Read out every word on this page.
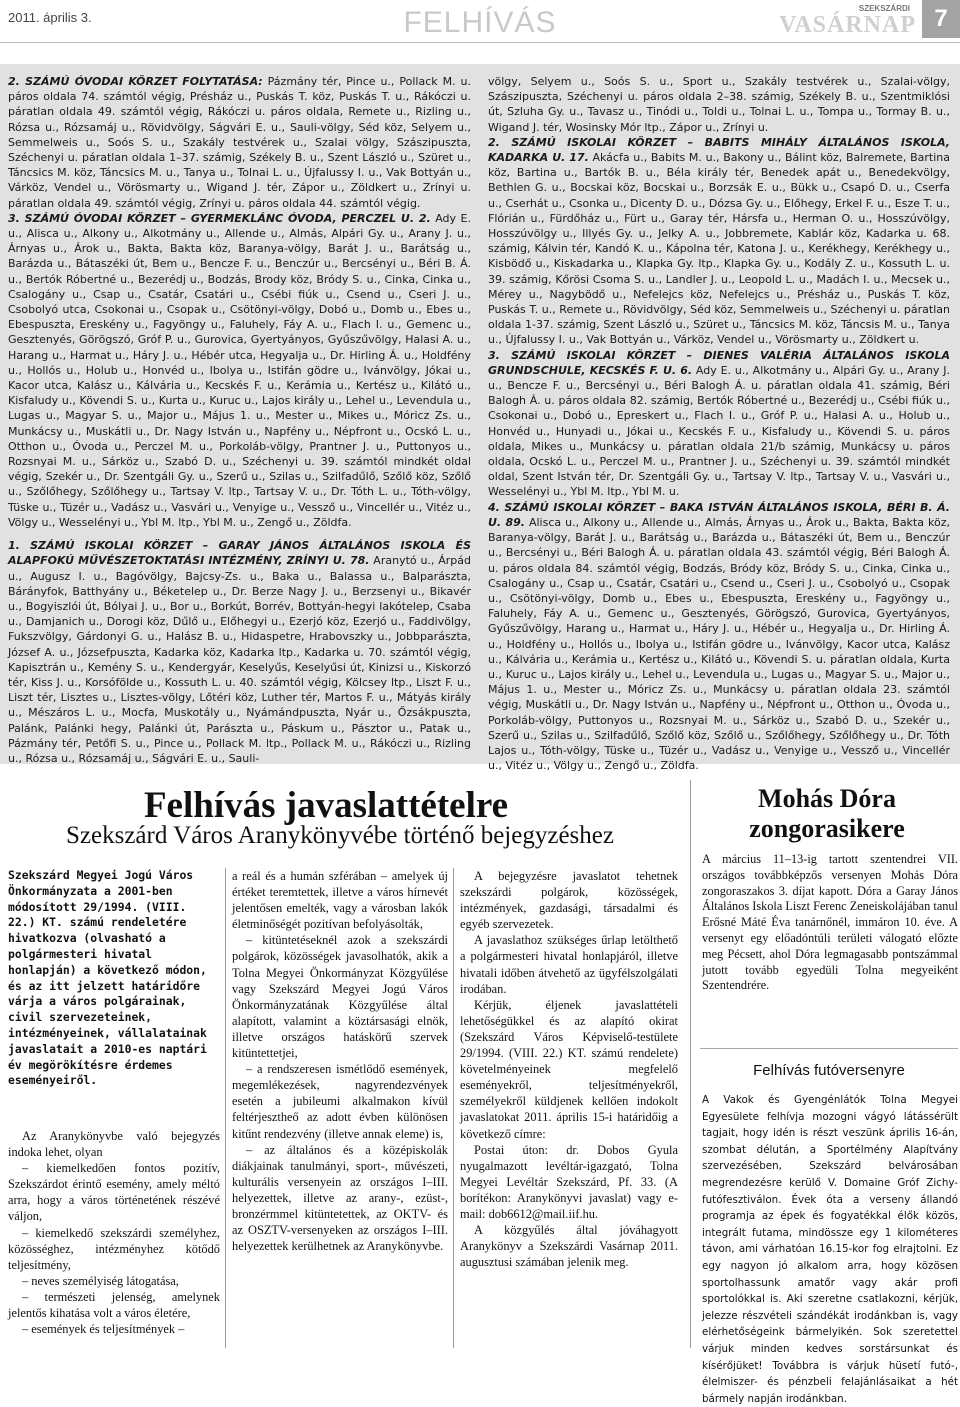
2011. április 3.	FELHÍVÁS	SZEKSZÁRDI
VASÁRNAP 7

2. SZÁMÚ ÓVODAI KÖRZET FOLYTATÁSA: Pázmány tér, Pince u., Pollack M. u. páros oldala 74. számtól végig, Présház u., Puskás T. köz, Puskás T. u., Rákóczi u. páratlan oldala 49. számtól végig, Rákóczi u. páros oldala, Remete u., Rizling u., Rózsa u., Rózsamáj u., Rövidvölgy, Ságvári E. u., Sauli-völgy, Séd köz, Selyem u., Semmelweis u., Soós S. u., Szakály testvérek u., Szalai völgy, Szászipuszta, Széchenyi u. páratlan oldala 1–37. számig, Székely B. u., Szent László u., Szüret u., Táncsics M. köz, Táncsics M. u., Tanya u., Tolnai L. u., Újfalussy I. u., Vak Bottyán u., Várköz, Vendel u., Vörösmarty u., Wigand J. tér, Zápor u., Zöldkert u., Zrínyi u. páratlan oldala 49. számtól végig, Zrínyi u. páros oldala 44. számtól végig.

3. SZÁMÚ ÓVODAI KÖRZET – GYERMEKLÁNC ÓVODA, PERCZEL U. 2. Ady E. u., Alisca u., Alkony u., Alkotmány u., Allende u., Almás, Alpári Gy. u., Arany J. u., Árnyas u., Árok u., Bakta, Bakta köz, Baranya-völgy, Barát J. u., Barátság u., Barázda u., Bátaszéki út, Bem u., Bencze F. u., Benczúr u., Bercsényi u., Béri B. Á. u., Bertók Róbertné u., Bezerédj u., Bodzás, Brody köz, Bródy S. u., Cinka, Cinka u., Csalogány u., Csap u., Csatár, Csatári u., Csébi fiúk u., Csend u., Cseri J. u., Csobolyó utca, Csokonai u., Csopak u., Csötönyi-völgy, Dobó u., Domb u., Ebes u., Ebespuszta, Ereskény u., Fagyöngy u., Faluhely, Fáy A. u., Flach I. u., Gemenc u., Gesztenyés, Görögszó, Gróf P. u., Gurovica, Gyertyányos, Gyűszűvölgy, Halasi A. u., Harang u., Harmat u., Háry J. u., Hébér utca, Hegyalja u., Dr. Hirling Á. u., Holdfény u., Hollós u., Holub u., Honvéd u., Ibolya u., Istifán gödre u., Ivánvölgy, Jókai u., Kacor utca, Kalász u., Kálvária u., Kecskés F. u., Kerámia u., Kertész u., Kilátó u., Kisfaludy u., Kövendi S. u., Kurta u., Kuruc u., Lajos király u., Lehel u., Levendula u., Lugas u., Magyar S. u., Major u., Május 1. u., Mester u., Mikes u., Móricz Zs. u., Munkácsy u., Muskátli u., Dr. Nagy István u., Napfény u., Népfront u., Ocskó L. u., Otthon u., Óvoda u., Perczel M. u., Porkoláb-völgy, Prantner J. u., Puttonyos u., Rozsnyai M. u., Sárköz u., Szabó D. u., Széchenyi u. 39. számtól mindkét oldal végig, Szekér u., Dr. Szentgáli Gy. u., Szerű u., Szilas u., Szilfadűlő, Szőlő köz, Szőlő u., Szőlőhegy, Szőlőhegy u., Tartsay V. ltp., Tartsay V. u., Dr. Tóth L. u., Tóth-völgy, Tüske u., Tüzér u., Vadász u., Vasvári u., Venyige u., Vessző u., Vincellér u., Vitéz u., Völgy u., Wesselényi u., Ybl M. ltp., Ybl M. u., Zengő u., Zöldfa.

1. SZÁMÚ ISKOLAI KÖRZET – GARAY JÁNOS ÁLTALÁNOS ISKOLA ÉS ALAPFOKÚ MŰVÉSZETOKTATÁSI INTÉZMÉNY, ZRÍNYI U. 78. Aranytó u., Árpád u., Augusz I. u., Bagóvölgy, Bajcsy-Zs. u., Baka u., Balassa u., Balparászta, Bárányfok, Batthyány u., Béketelep u., Dr. Berze Nagy J. u., Berzsenyi u., Bikavér u., Bogyiszlói út, Bólyai J. u., Bor u., Borkút, Borrév, Bottyán-hegyi lakótelep, Csaba u., Damjanich u., Dorogi köz, Dűlő u., Előhegyi u., Ezerjó köz, Ezerjó u., Faddivölgy, Fukszvölgy, Gárdonyi G. u., Halász B. u., Hidaspetre, Hrabovszky u., Jobbparászta, József A. u., Józsefpuszta, Kadarka köz, Kadarka ltp., Kadarka u. 70. számtól végig, Kapisztrán u., Kemény S. u., Kendergyár, Keselyűs, Keselyűsi út, Kinizsi u., Kiskorzó tér, Kiss J. u., Korsófölde u., Kossuth L. u. 40. számtól végig, Kölcsey ltp., Liszt F. u., Liszt tér, Lisztes u., Lisztes-völgy, Lőtéri köz, Luther tér, Martos F. u., Mátyás király u., Mészáros L. u., Mocfa, Muskotály u., Nyámándpuszta, Nyár u., Őzsákpuszta, Palánk, Palánki hegy, Palánki út, Parászta u., Páskum u., Pásztor u., Patak u., Pázmány tér, Petőfi S. u., Pince u., Pollack M. ltp., Pollack M. u., Rákóczi u., Rizling u., Rózsa u., Rózsamáj u., Ságvári E. u., Sauli-

völgy, Selyem u., Soós S. u., Sport u., Szakály testvérek u., Szalai-völgy, Szászipuszta, Széchenyi u. páros oldala 2–38. számig, Székely B. u., Szentmiklósi út, Szluha Gy. u., Tavasz u., Tinódi u., Toldi u., Tolnai L. u., Tompa u., Tormay B. u., Wigand J. tér, Wosinsky Mór ltp., Zápor u., Zrínyi u.

2. SZÁMÚ ISKOLAI KÖRZET – BABITS MIHÁLY ÁLTALÁNOS ISKOLA, KADARKA U. 17. Akácfa u., Babits M. u., Bakony u., Bálint köz, Balremete, Bartina köz, Bartina u., Bartók B. u., Béla király tér, Benedek apát u., Benedekvölgy, Bethlen G. u., Bocskai köz, Bocskai u., Borzsák E. u., Bükk u., Csapó D. u., Cserfa u., Cserhát u., Csonka u., Dicenty D. u., Dózsa Gy. u., Előhegy, Erkel F. u., Esze T. u., Flórián u., Fürdőház u., Fürt u., Garay tér, Hársfa u., Herman O. u., Hosszúvölgy, Hosszúvölgy u., Illyés Gy. u., Jelky A. u., Jobbremete, Kablár köz, Kadarka u. 68. számig, Kálvin tér, Kandó K. u., Kápolna tér, Katona J. u., Kerékhegy, Kerékhegy u., Kisbödő u., Kiskadarka u., Klapka Gy. ltp., Klapka Gy. u., Kodály Z. u., Kossuth L. u. 39. számig, Kőrösi Csoma S. u., Landler J. u., Leopold L. u., Madách I. u., Mecsek u., Mérey u., Nagybödő u., Nefelejcs köz, Nefelejcs u., Présház u., Puskás T. köz, Puskás T. u., Remete u., Rövidvölgy, Séd köz, Semmelweis u., Széchenyi u. páratlan oldala 1-37. számig, Szent László u., Szüret u., Táncsics M. köz, Táncsis M. u., Tanya u., Újfalussy I. u., Vak Bottyán u., Várköz, Vendel u., Vörösmarty u., Zöldkert u.

3. SZÁMÚ ISKOLAI KÖRZET – DIENES VALÉRIA ÁLTALÁNOS ISKOLA GRUNDSCHULE, KECSKÉS F. U. 6. Ady E. u., Alkotmány u., Alpári Gy. u., Arany J. u., Bencze F. u., Bercsényi u., Béri Balogh Á. u. páratlan oldala 41. számig, Béri Balogh Á. u. páros oldala 82. számig, Bertók Róbertné u., Bezerédj u., Csébi fiúk u., Csokonai u., Dobó u., Epreskert u., Flach I. u., Gróf P. u., Halasi A. u., Holub u., Honvéd u., Hunyadi u., Jókai u., Kecskés F. u., Kisfaludy u., Kövendi S. u. páros oldala, Mikes u., Munkácsy u. páratlan oldala 21/b számig, Munkácsy u. páros oldala, Ocskó L. u., Perczel M. u., Prantner J. u., Széchenyi u. 39. számtól mindkét oldal, Szent István tér, Dr. Szentgáli Gy. u., Tartsay V. ltp., Tartsay V. u., Vasvári u., Wesselényi u., Ybl M. ltp., Ybl M. u.

4. SZÁMÚ ISKOLAI KÖRZET – BAKA ISTVÁN ÁLTALÁNOS ISKOLA, BÉRI B. Á. U. 89. Alisca u., Alkony u., Allende u., Almás, Árnyas u., Árok u., Bakta, Bakta köz, Baranya-völgy, Barát J. u., Barátság u., Barázda u., Bátaszéki út, Bem u., Benczúr u., Bercsényi u., Béri Balogh Á. u. páratlan oldala 43. számtól végig, Béri Balogh Á. u. páros oldala 84. számtól végig, Bodzás, Bródy köz, Bródy S. u., Cinka, Cinka u., Csalogány u., Csap u., Csatár, Csatári u., Csend u., Cseri J. u., Csobolyó u., Csopak u., Csötönyi-völgy, Domb u., Ebes u., Ebespuszta, Ereskény u., Fagyöngy u., Faluhely, Fáy A. u., Gemenc u., Gesztenyés, Görögszó, Gurovica, Gyertyányos, Gyűszűvölgy, Harang u., Harmat u., Háry J. u., Hébér u., Hegyalja u., Dr. Hirling Á. u., Holdfény u., Hollós u., Ibolya u., Istifán gödre u., Ivánvölgy, Kacor utca, Kalász u., Kálvária u., Kerámia u., Kertész u., Kilátó u., Kövendi S. u. páratlan oldala, Kurta u., Kuruc u., Lajos király u., Lehel u., Levendula u., Lugas u., Magyar S. u., Major u., Május 1. u., Mester u., Móricz Zs. u., Munkácsy u. páratlan oldala 23. számtól végig, Muskátli u., Dr. Nagy István u., Napfény u., Népfront u., Otthon u., Óvoda u., Porkoláb-völgy, Puttonyos u., Rozsnyai M. u., Sárköz u., Szabó D. u., Szekér u., Szerű u., Szilas u., Szilfadűlő, Szőlő köz, Szőlő u., Szőlőhegy, Szőlőhegy u., Dr. Tóth Lajos u., Tóth-völgy, Tüske u., Tüzér u., Vadász u., Venyige u., Vessző u., Vincellér u., Vitéz u., Völgy u., Zengő u., Zöldfa.

Felhívás javaslattételre
Szekszárd Város Aranykönyvébe történő bejegyzéshez
Szekszárd Megyei Jogú Város Önkormányzata a 2001-ben módosított 29/1994. (VIII. 22.) KT. számú rendeletére hivatkozva (olvasható a polgármesteri hivatal honlapján) a következő módon, és az itt jelzett határidőre várja a város polgárainak, civil szervezeteinek, intézményeinek, vállalatainak javaslatait a 2010-es naptári év megörökítésre érdemes eseményeiről.

Az Aranykönyvbe való bejegyzés indoka lehet, olyan

– kiemelkedően fontos pozitív, Szekszárdot érintő esemény, amely méltó arra, hogy a város történetének részévé váljon,

– kiemelkedő szekszárdi személyhez, közösséghez, intézményhez kötődő teljesítmény,

– neves személyiség látogatása,

– természeti jelenség, amelynek jelentős kihatása volt a város életére,

– események és teljesítmények –

a reál és a humán szférában – amelyek új értéket teremtettek, illetve a város hírnevét jelentősen emelték, vagy a városban lakók életminőségét pozitívan befolyásolták,

– kitüntetéseknél azok a szekszárdi polgárok, közösségek javasolhatók, akik a Tolna Megyei Önkormányzat Közgyűlése vagy Szekszárd Megyei Jogú Város Önkormányzatának Közgyűlése által alapított, valamint a köztársasági elnök, illetve országos hatáskörű szervek kitüntettetjei,

– a rendszeresen ismétlődő események, megemlékezések, nagyrendezvények esetén a jubileumi alkalmakon kívül feltérjesztheő az adott évben különösen kitűnt rendezvény (illetve annak eleme) is,

– az általános és a középiskolák diákjainak tanulmányi, sport-, művészeti, kulturális versenyein az országos I–III. helyezettek, illetve az arany-, ezüst-, bronzérmmel kitüntetettek, az OKTV- és az OSZTV-versenyeken az országos I–III. helyezettek kerülhetnek az Aranykönyvbe.

A bejegyzésre javaslatot tehetnek szekszárdi polgárok, közösségek, intézmények, gazdasági, társadalmi és egyéb szervezetek.

A javaslathoz szükséges űrlap letölthető a polgármesteri hivatal honlapjáról, illetve hivatali időben átvehető az ügyfélszolgálati irodában.

Kérjük, éljenek javaslattételi lehetőségükkel és az alapító okirat (Szekszárd Város Képviselő-testülete 29/1994. (VIII. 22.) KT. számú rendelete) követelményeinek megfelelő eseményekről, teljesítményekről, személyekről küldjenek kellően indokolt javaslatokat 2011. április 15-i határidőig a következő címre:

Postai úton: dr. Dobos Gyula nyugalmazott levéltár-igazgató, Tolna Megyei Levéltár Szekszárd, Pf. 33. (A borítékon: Aranykönyvi javaslat) vagy e-mail: dob6612@mail.iif.hu.

A közgyűlés által jóváhagyott Aranykönyv a Szekszárdi Vasárnap 2011. augusztusi számában jelenik meg.

Mohás Dóra zongorasikere
A március 11–13-ig tartott szentendrei VII. országos továbbképzős versenyen Mohás Dóra zongoraszakos 3. díjat kapott. Dóra a Garay János Általános Iskola Liszt Ferenc Zeneiskolájában tanul Erősné Máté Éva tanárnőnél, immáron 10. éve. A versenyt egy előadóntúli területi válogató előzte meg Pécsett, ahol Dóra legmagasabb pontszámmal jutott tovább egyedüli Tolna megyeiként Szentendrére.
Felhívás futóversenyre
A Vakok és Gyengénlátók Tolna Megyei Egyesülete felhívja mozogni vágyó látássérült tagjait, hogy idén is részt veszünk április 16-án, szombat délután, a Sportélmény Alapítvány szervezésében, Szekszárd belvárosában megrendezésre kerülő V. Domaine Gróf Zichy-futófesztiválon. Évek óta a verseny állandó programja az épek és fogyatékkal élők közös, integrált futama, mindössze egy 1 kilométeres távon, ami várhatóan 16.15-kor fog elrajtolni. Ez egy nagyon jó alkalom arra, hogy közösen sportolhassunk amatőr vagy akár profi sportolókkal is. Aki szeretne csatlakozni, kérjük, jelezze részvételi szándékát irodánkban is, vagy elérhetőségeink bármelyikén. Sok szeretettel várjuk minden kedves sorstársunkat és kísérőjüket! Továbbra is várjuk hüsetí futó-, élelmiszer- és pénzbeli felajánlásaikat a hét bármely napján irodánkban.
